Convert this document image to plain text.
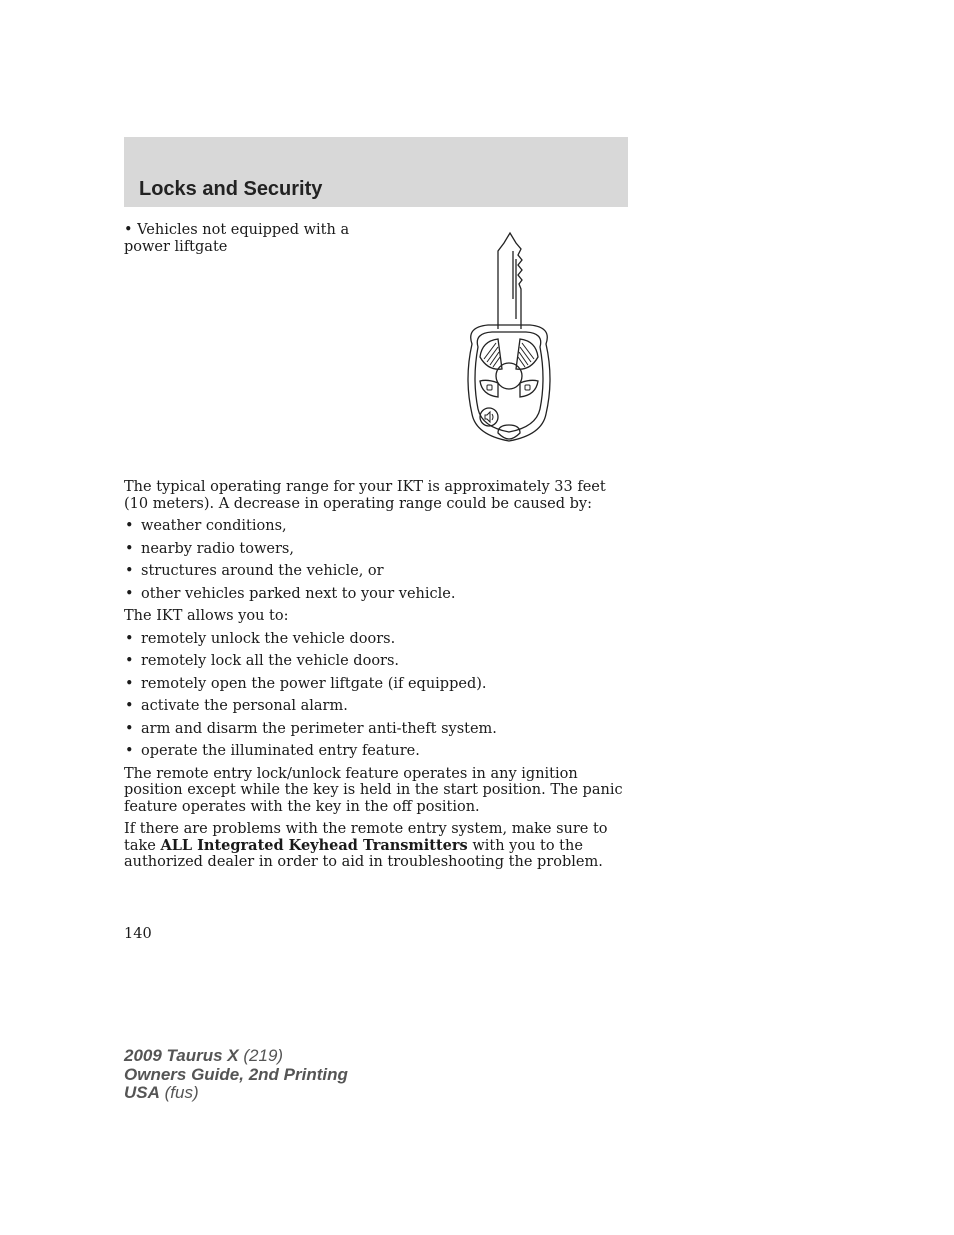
Locks and Security
• Vehicles not equipped with a power liftgate

The typical operating range for your IKT is approximately 33 feet (10 meters). A decrease in operating range could be caused by:

• weather conditions,
• nearby radio towers,
• structures around the vehicle, or
• other vehicles parked next to your vehicle.

The IKT allows you to:

• remotely unlock the vehicle doors.
• remotely lock all the vehicle doors.
• remotely open the power liftgate (if equipped).
• activate the personal alarm.
• arm and disarm the perimeter anti-theft system.
• operate the illuminated entry feature.

The remote entry lock/unlock feature operates in any ignition position except while the key is held in the start position. The panic feature operates with the key in the off position.

If there are problems with the remote entry system, make sure to take ALL Integrated Keyhead Transmitters with you to the authorized dealer in order to aid in troubleshooting the problem.

140
2009 Taurus X (219)
Owners Guide, 2nd Printing
USA (fus)
